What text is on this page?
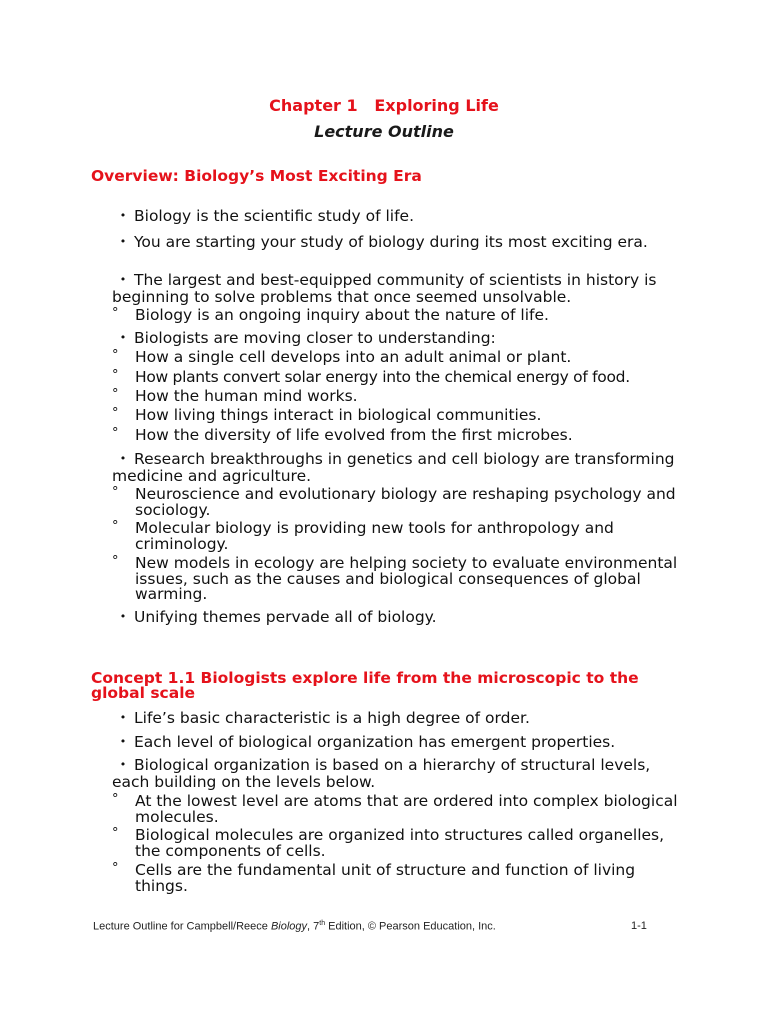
Chapter 1   Exploring Life
Lecture Outline
Overview: Biology’s Most Exciting Era
• Biology is the scientific study of life.
• You are starting your study of biology during its most exciting era.
• The largest and best-equipped community of scientists in history is beginning to solve problems that once seemed unsolvable.
°	Biology is an ongoing inquiry about the nature of life.
• Biologists are moving closer to understanding:
°	How a single cell develops into an adult animal or plant.
°	How plants convert solar energy into the chemical energy of food.
°	How the human mind works.
°	How living things interact in biological communities.
°	How the diversity of life evolved from the first microbes.
• Research breakthroughs in genetics and cell biology are transforming medicine and agriculture.
°	Neuroscience and evolutionary biology are reshaping psychology and sociology.
°	Molecular biology is providing new tools for anthropology and criminology.
°	New models in ecology are helping society to evaluate environmental issues, such as the causes and biological consequences of global warming.
• Unifying themes pervade all of biology.
Concept 1.1 Biologists explore life from the microscopic to the global scale
• Life’s basic characteristic is a high degree of order.
• Each level of biological organization has emergent properties.
• Biological organization is based on a hierarchy of structural levels, each building on the levels below.
°	At the lowest level are atoms that are ordered into complex biological molecules.
°	Biological molecules are organized into structures called organelles, the components of cells.
°	Cells are the fundamental unit of structure and function of living things.
Lecture Outline for Campbell/Reece Biology, 7th Edition, © Pearson Education, Inc.	1-1
